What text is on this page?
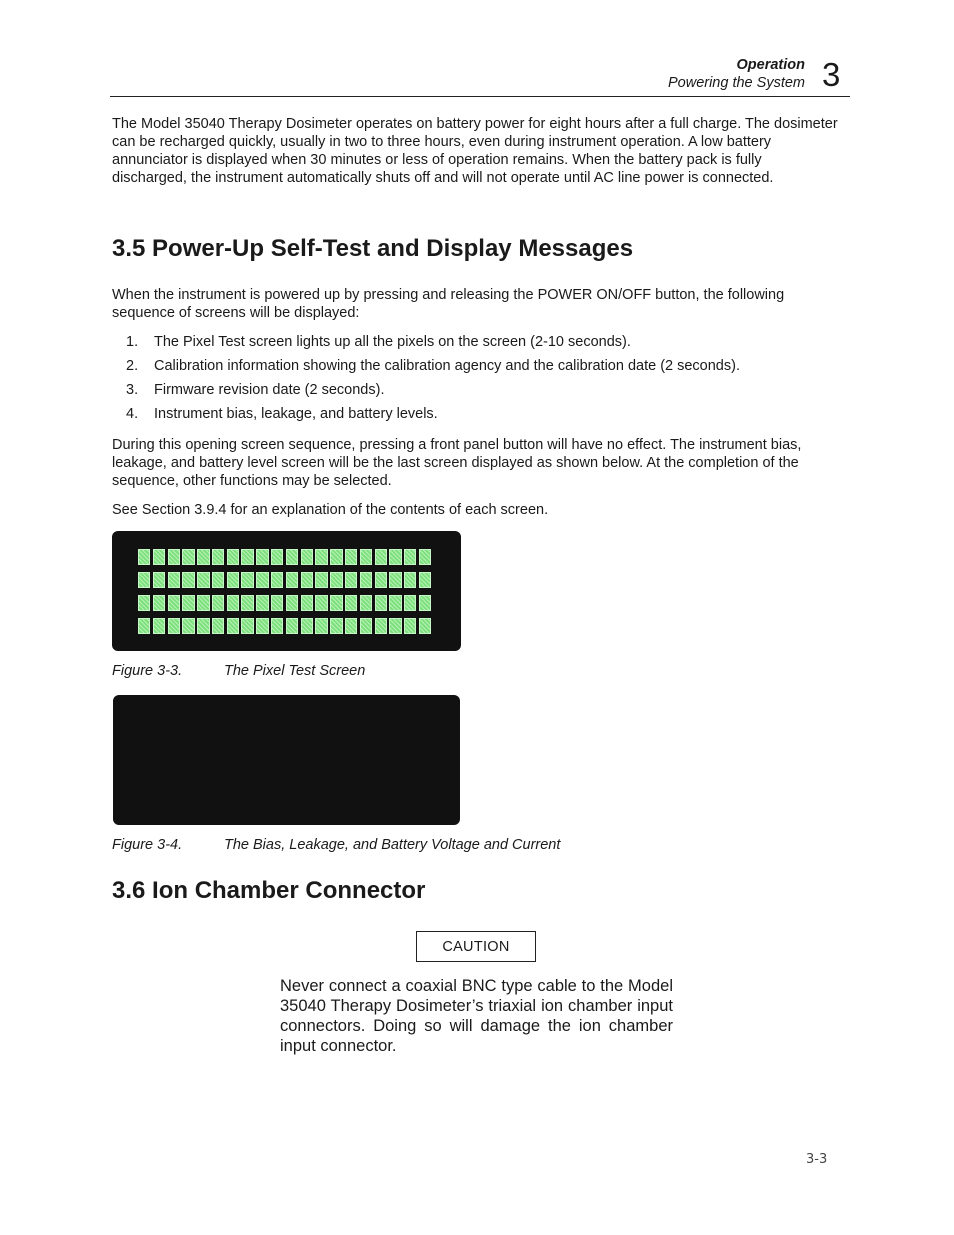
Operation
Powering the System 3

The Model 35040 Therapy Dosimeter operates on battery power for eight hours after a full charge. The dosimeter can be recharged quickly, usually in two to three hours, even during instrument operation. A low battery annunciator is displayed when 30 minutes or less of operation remains. When the battery pack is fully discharged, the instrument automatically shuts off and will not operate until AC line power is connected.

3.5 Power-Up Self-Test and Display Messages

When the instrument is powered up by pressing and releasing the POWER ON/OFF button, the following sequence of screens will be displayed:

1.	The Pixel Test screen lights up all the pixels on the screen (2-10 seconds).
2.	Calibration information showing the calibration agency and the calibration date (2 seconds).
3.	Firmware revision date (2 seconds).
4.	Instrument bias, leakage, and battery levels.

During this opening screen sequence, pressing a front panel button will have no effect. The instrument bias, leakage, and battery level screen will be the last screen displayed as shown below. At the completion of the sequence, other functions may be selected.

See Section 3.9.4 for an explanation of the contents of each screen.

Figure 3-3.	The Pixel Test Screen
Figure 3-4.	The Bias, Leakage, and Battery Voltage and Current
3.6 Ion Chamber Connector
CAUTION

Never connect a coaxial BNC type cable to the Model 35040 Therapy Dosimeter’s triaxial ion chamber input connectors. Doing so will damage the ion chamber input connector.

3-3
